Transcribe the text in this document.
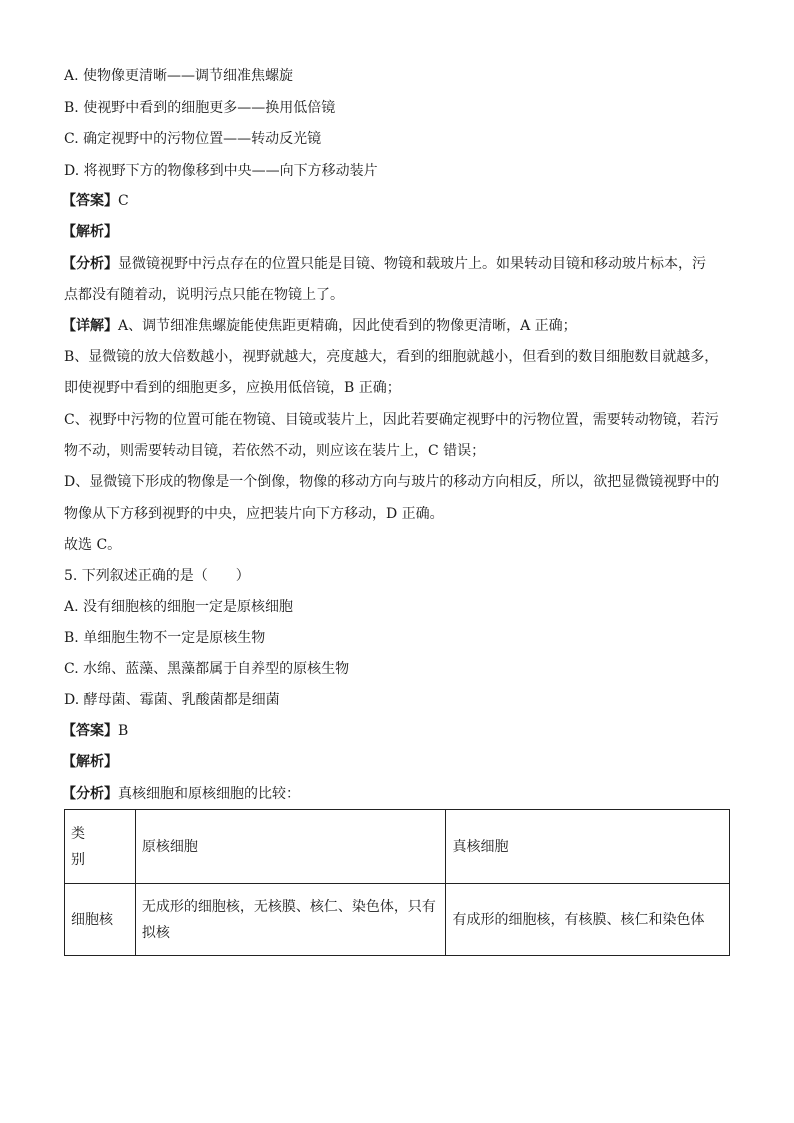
A. 使物像更清晰——调节细准焦螺旋
B. 使视野中看到的细胞更多——换用低倍镜
C. 确定视野中的污物位置——转动反光镜
D. 将视野下方的物像移到中央——向下方移动装片
【答案】C
【解析】
【分析】显微镜视野中污点存在的位置只能是目镜、物镜和载玻片上。如果转动目镜和移动玻片标本，污
点都没有随着动，说明污点只能在物镜上了。
【详解】A、调节细准焦螺旋能使焦距更精确，因此使看到的物像更清晰，A 正确；
B、显微镜的放大倍数越小，视野就越大，亮度越大，看到的细胞就越小，但看到的数目细胞数目就越多，
即使视野中看到的细胞更多，应换用低倍镜，B 正确；
C、视野中污物的位置可能在物镜、目镜或装片上，因此若要确定视野中的污物位置，需要转动物镜，若污
物不动，则需要转动目镜，若依然不动，则应该在装片上，C 错误；
D、显微镜下形成的物像是一个倒像，物像的移动方向与玻片的移动方向相反，所以，欲把显微镜视野中的
物像从下方移到视野的中央，应把装片向下方移动，D 正确。
故选 C。
5. 下列叙述正确的是（　　）
A. 没有细胞核的细胞一定是原核细胞
B. 单细胞生物不一定是原核生物
C. 水绵、蓝藻、黑藻都属于自养型的原核生物
D. 酵母菌、霉菌、乳酸菌都是细菌
【答案】B
【解析】
【分析】真核细胞和原核细胞的比较：
类
别	原核细胞	真核细胞
细胞核	无成形的细胞核，无核膜、核仁、染色体，只有拟核	有成形的细胞核，有核膜、核仁和染色体
